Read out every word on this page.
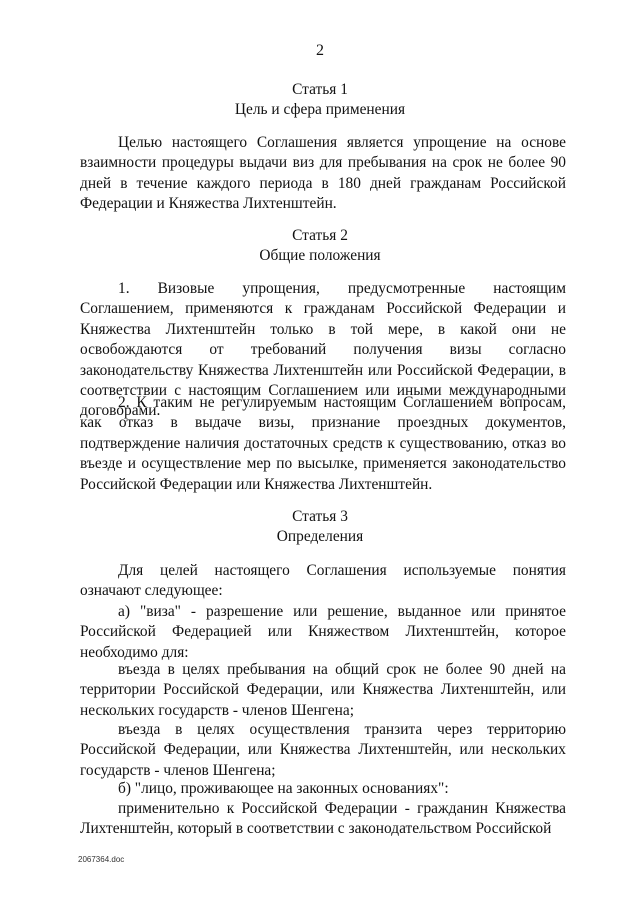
2
Статья 1
Цель и сфера применения

Целью настоящего Соглашения является упрощение на основе взаимности процедуры выдачи виз для пребывания на срок не более 90 дней в течение каждого периода в 180 дней гражданам Российской Федерации и Княжества Лихтенштейн.

Статья 2
Общие положения

1. Визовые упрощения, предусмотренные настоящим Соглашением, применяются к гражданам Российской Федерации и Княжества Лихтенштейн только в той мере, в какой они не освобождаются от требований получения визы согласно законодательству Княжества Лихтенштейн или Российской Федерации, в соответствии с настоящим Соглашением или иными международными договорами.

2. К таким не регулируемым настоящим Соглашением вопросам, как отказ в выдаче визы, признание проездных документов, подтверждение наличия достаточных средств к существованию, отказ во въезде и осуществление мер по высылке, применяется законодательство Российской Федерации или Княжества Лихтенштейн.

Статья 3
Определения

Для целей настоящего Соглашения используемые понятия означают следующее:

а) "виза" - разрешение или решение, выданное или принятое Российской Федерацией или Княжеством Лихтенштейн, которое необходимо для:

въезда в целях пребывания на общий срок не более 90 дней на территории Российской Федерации, или Княжества Лихтенштейн, или нескольких государств - членов Шенгена;

въезда в целях осуществления транзита через территорию Российской Федерации, или Княжества Лихтенштейн, или нескольких государств - членов Шенгена;

б) "лицо, проживающее на законных основаниях":

применительно к Российской Федерации - гражданин Княжества Лихтенштейн, который в соответствии с законодательством Российской

2067364.doc
